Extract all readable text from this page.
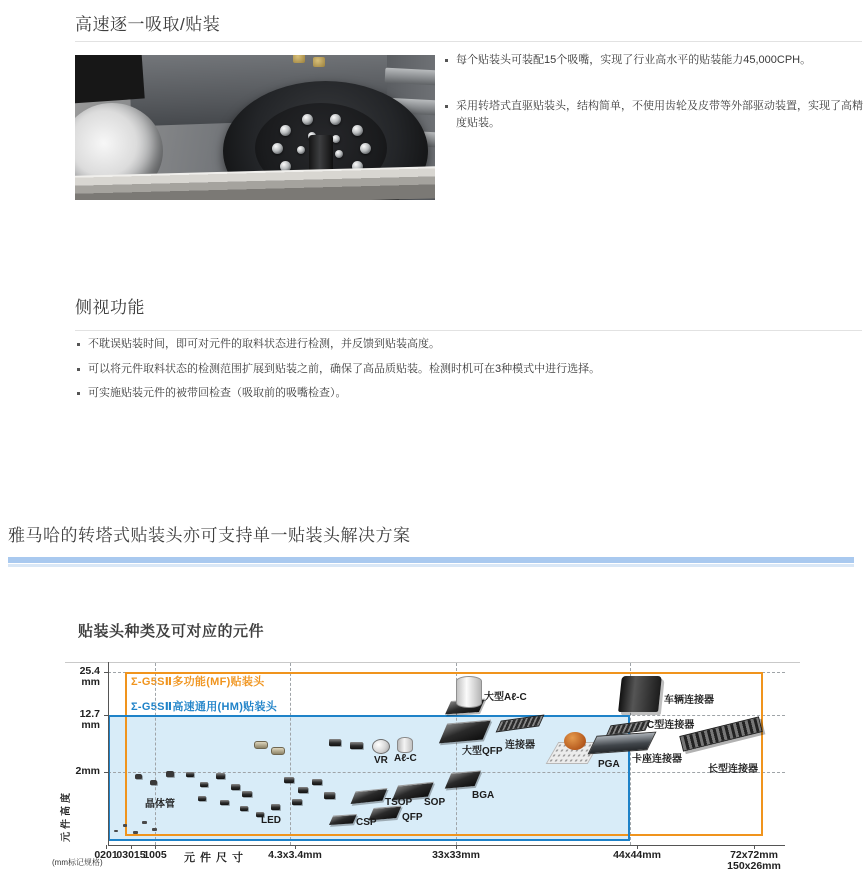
高速逐一吸取/贴装
每个贴装头可装配15个吸嘴，实现了行业高水平的贴装能力45,000CPH。
采用转塔式直驱贴装头，结构简单，不使用齿轮及皮带等外部驱动装置，实现了高精度贴装。
侧视功能
不耽误贴装时间，即可对元件的取料状态进行检测，并反馈到贴装高度。
可以将元件取料状态的检测范围扩展到贴装之前，确保了高品质贴装。检测时机可在3种模式中进行选择。
可实施贴装元件的被带回检查（吸取前的吸嘴检查）。
雅马哈的转塔式贴装头亦可支持单一贴装头解决方案
贴装头种类及可对应的元件
Σ-G5SⅡ多功能(MF)贴装头
Σ-G5SⅡ高速通用(HM)贴装头
元件尺寸
元件高度
(mm标记规格)
0201
03015
1005	4.3x3.4mm	33x33mm	44x44mm	72x72mm
150x26mm
25.4
mm
12.7
mm
2mm
晶体管
LED
VR Aℓ-C
TSOP SOP
CSP	QFP
BGA
大型Aℓ-C
大型QFP
连接器
PGA
车辆连接器
C型连接器
卡座连接器
长型连接器
